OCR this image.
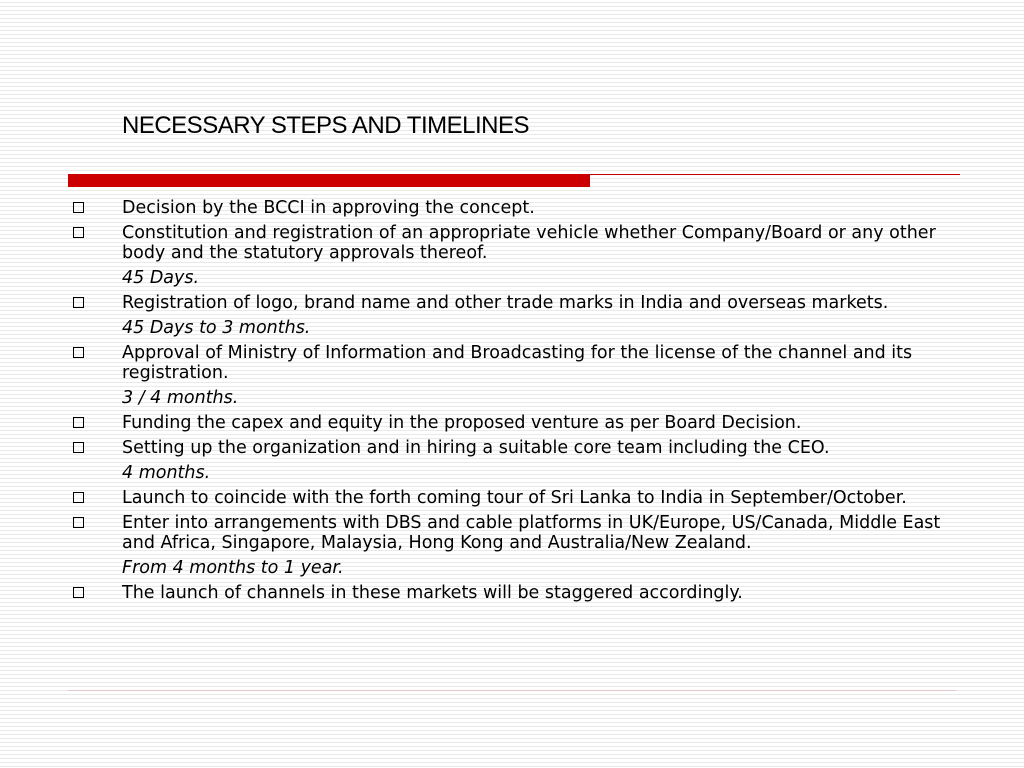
NECESSARY STEPS AND TIMELINES
Decision by the BCCI in approving the concept.
Constitution and registration of an appropriate vehicle whether Company/Board or any other body and the statutory approvals thereof.
45 Days.
Registration of logo, brand name and other trade marks in India and overseas markets.
45 Days to 3 months.
Approval of Ministry of Information and Broadcasting for the license of the channel and its registration.
3 / 4 months.
Funding the capex and equity in the proposed venture as per Board Decision.
Setting up the organization and in hiring a suitable core team including the CEO.
4 months.
Launch to coincide with the forth coming tour of Sri Lanka to India in September/October.
Enter into arrangements with DBS and cable platforms in UK/Europe, US/Canada, Middle East and Africa, Singapore, Malaysia, Hong Kong and Australia/New Zealand.
From 4 months to 1 year.
The launch of channels in these markets will be staggered accordingly.
